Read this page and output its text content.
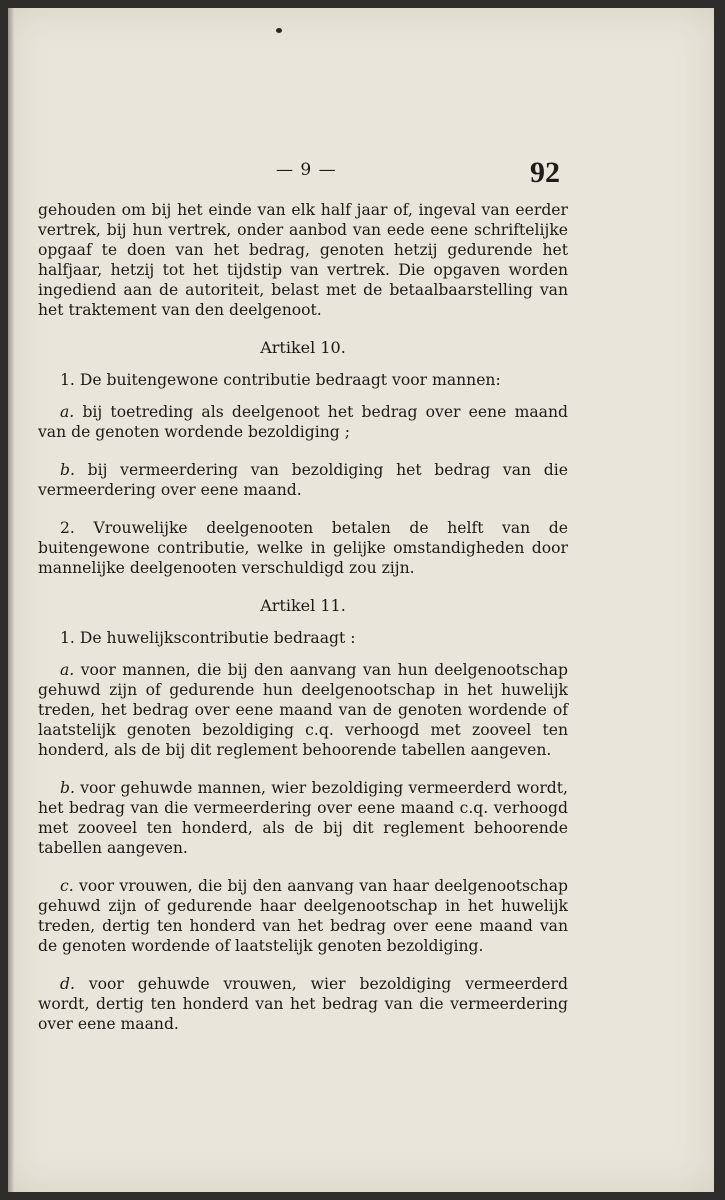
— 9 —	92

gehouden om bij het einde van elk half jaar of, ingeval van eerder vertrek, bij hun vertrek, onder aanbod van eede eene schriftelijke opgaaf te doen van het bedrag, genoten hetzij gedurende het halfjaar, hetzij tot het tijdstip van vertrek. Die opgaven worden ingediend aan de autoriteit, belast met de betaalbaarstelling van het traktement van den deelgenoot.

Artikel 10.

1. De buitengewone contributie bedraagt voor mannen:

a. bij toetreding als deelgenoot het bedrag over eene maand van de genoten wordende bezoldiging ;

b. bij vermeerdering van bezoldiging het bedrag van die vermeerdering over eene maand.

2. Vrouwelijke deelgenooten betalen de helft van de buitengewone contributie, welke in gelijke omstandigheden door mannelijke deelgenooten verschuldigd zou zijn.

Artikel 11.

1. De huwelijkscontributie bedraagt :

a. voor mannen, die bij den aanvang van hun deelgenootschap gehuwd zijn of gedurende hun deelgenootschap in het huwelijk treden, het bedrag over eene maand van de genoten wordende of laatstelijk genoten bezoldiging c.q. verhoogd met zooveel ten honderd, als de bij dit reglement behoorende tabellen aangeven.

b. voor gehuwde mannen, wier bezoldiging vermeerderd wordt, het bedrag van die vermeerdering over eene maand c.q. verhoogd met zooveel ten honderd, als de bij dit reglement behoorende tabellen aangeven.

c. voor vrouwen, die bij den aanvang van haar deelgenootschap gehuwd zijn of gedurende haar deelgenootschap in het huwelijk treden, dertig ten honderd van het bedrag over eene maand van de genoten wordende of laatstelijk genoten bezoldiging.

d. voor gehuwde vrouwen, wier bezoldiging vermeerderd wordt, dertig ten honderd van het bedrag van die vermeerdering over eene maand.
